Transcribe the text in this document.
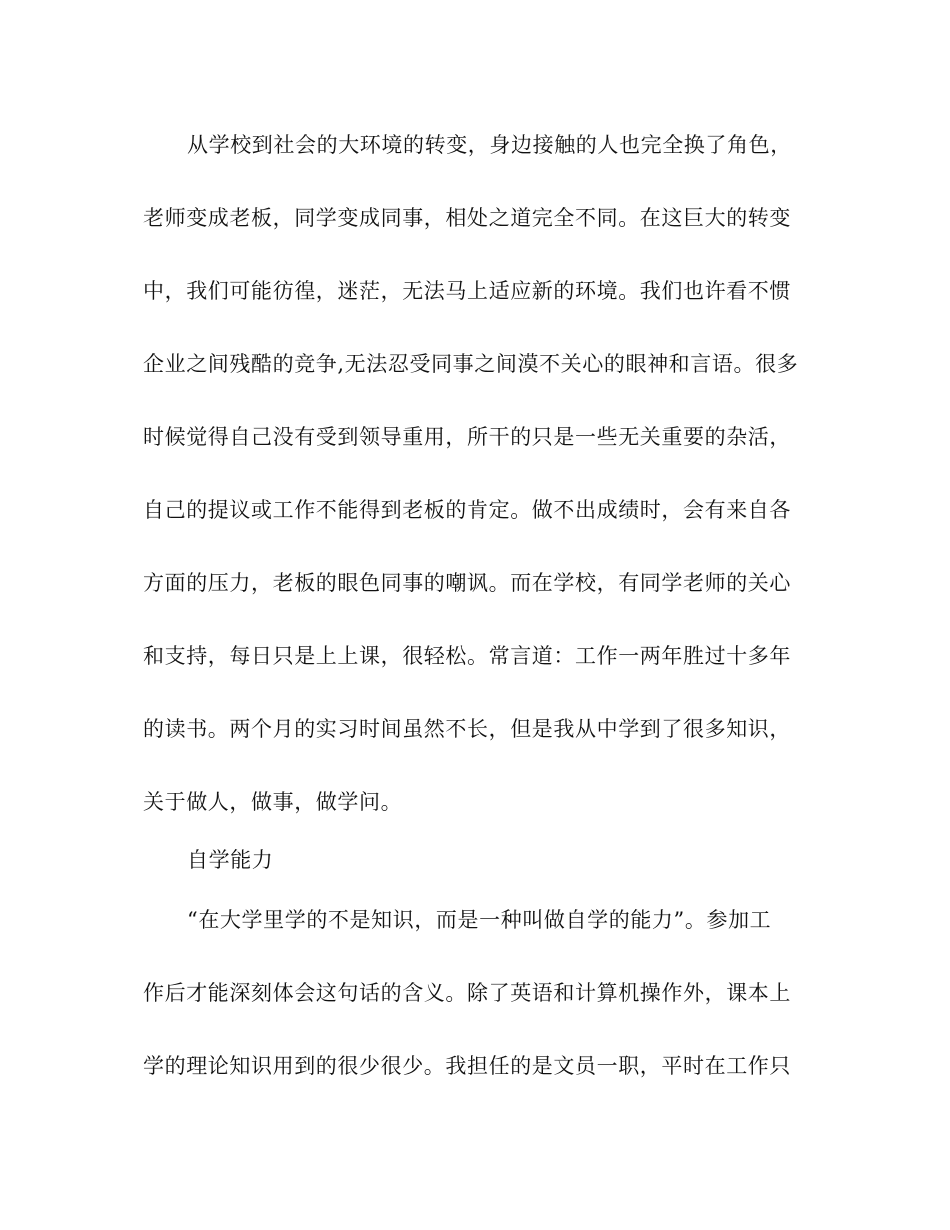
从学校到社会的大环境的转变，身边接触的人也完全换了角色，
老师变成老板，同学变成同事，相处之道完全不同。在这巨大的转变
中，我们可能彷徨，迷茫，无法马上适应新的环境。我们也许看不惯
企业之间残酷的竞争,无法忍受同事之间漠不关心的眼神和言语。很多
时候觉得自己没有受到领导重用，所干的只是一些无关重要的杂活，
自己的提议或工作不能得到老板的肯定。做不出成绩时，会有来自各
方面的压力，老板的眼色同事的嘲讽。而在学校，有同学老师的关心
和支持，每日只是上上课，很轻松。常言道：工作一两年胜过十多年
的读书。两个月的实习时间虽然不长，但是我从中学到了很多知识，
关于做人，做事，做学问。
自学能力
“在大学里学的不是知识，而是一种叫做自学的能力”。参加工
作后才能深刻体会这句话的含义。除了英语和计算机操作外，课本上
学的理论知识用到的很少很少。我担任的是文员一职，平时在工作只
